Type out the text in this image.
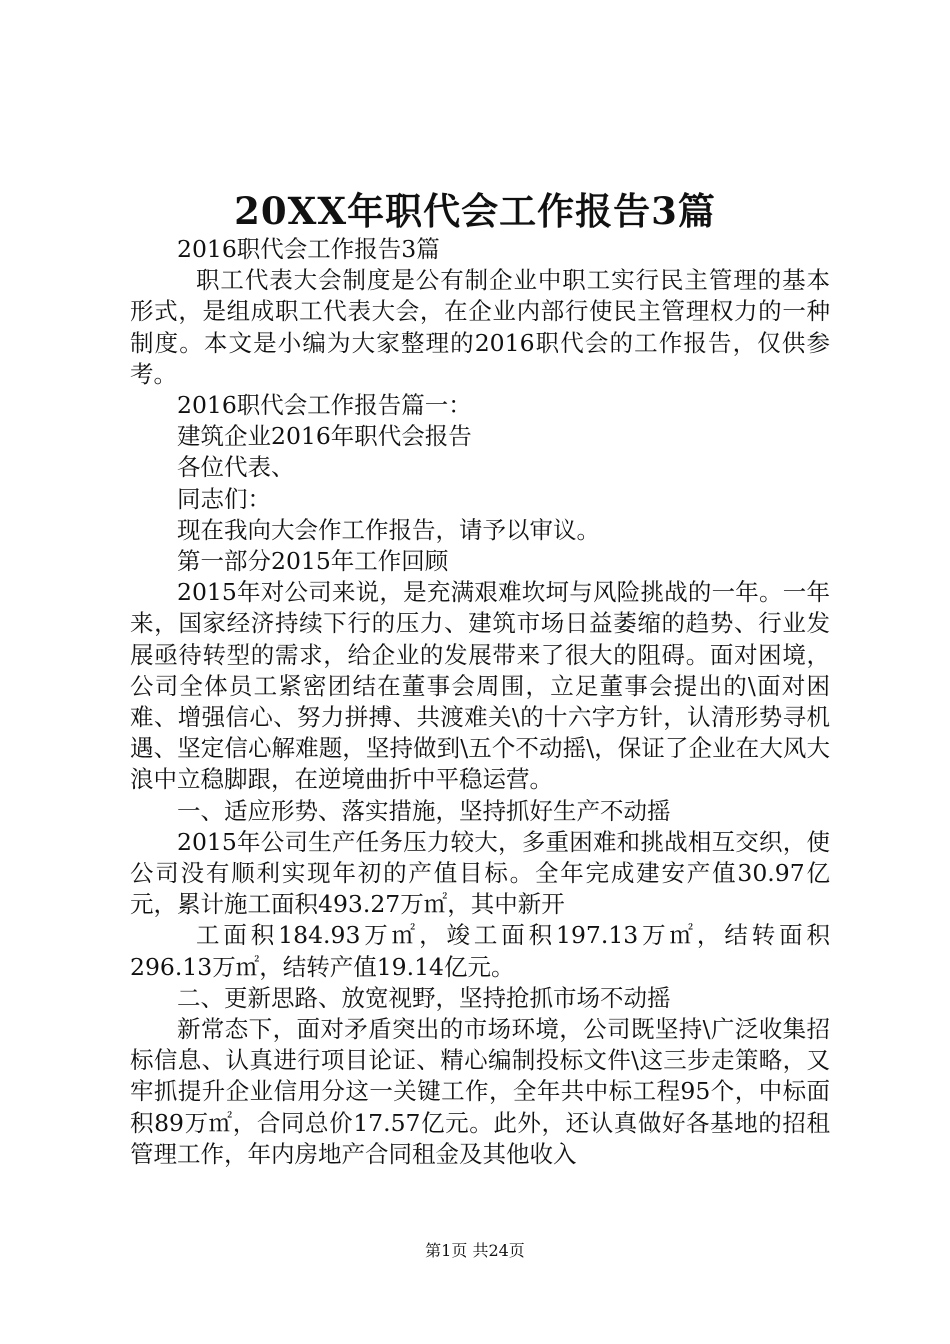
20XX年职代会工作报告3篇

2016职代会工作报告3篇

职工代表大会制度是公有制企业中职工实行民主管理的基本形式，是组成职工代表大会，在企业内部行使民主管理权力的一种制度。本文是小编为大家整理的2016职代会的工作报告，仅供参考。

2016职代会工作报告篇一：

建筑企业2016年职代会报告

各位代表、

同志们：

现在我向大会作工作报告，请予以审议。

第一部分2015年工作回顾

2015年对公司来说，是充满艰难坎坷与风险挑战的一年。一年来，国家经济持续下行的压力、建筑市场日益萎缩的趋势、行业发展亟待转型的需求，给企业的发展带来了很大的阻碍。面对困境，公司全体员工紧密团结在董事会周围，立足董事会提出的\面对困难、增强信心、努力拼搏、共渡难关\的十六字方针，认清形势寻机遇、坚定信心解难题，坚持做到\五个不动摇\，保证了企业在大风大浪中立稳脚跟，在逆境曲折中平稳运营。

一、适应形势、落实措施，坚持抓好生产不动摇

2015年公司生产任务压力较大，多重困难和挑战相互交织，使公司没有顺利实现年初的产值目标。全年完成建安产值30.97亿元，累计施工面积493.27万㎡，其中新开

工面积184.93万㎡，竣工面积197.13万㎡，结转面积296.13万㎡，结转产值19.14亿元。

二、更新思路、放宽视野，坚持抢抓市场不动摇

新常态下，面对矛盾突出的市场环境，公司既坚持\广泛收集招标信息、认真进行项目论证、精心编制投标文件\这三步走策略，又牢抓提升企业信用分这一关键工作，全年共中标工程95个，中标面积89万㎡，合同总价17.57亿元。此外，还认真做好各基地的招租管理工作，年内房地产合同租金及其他收入

第1页 共24页
